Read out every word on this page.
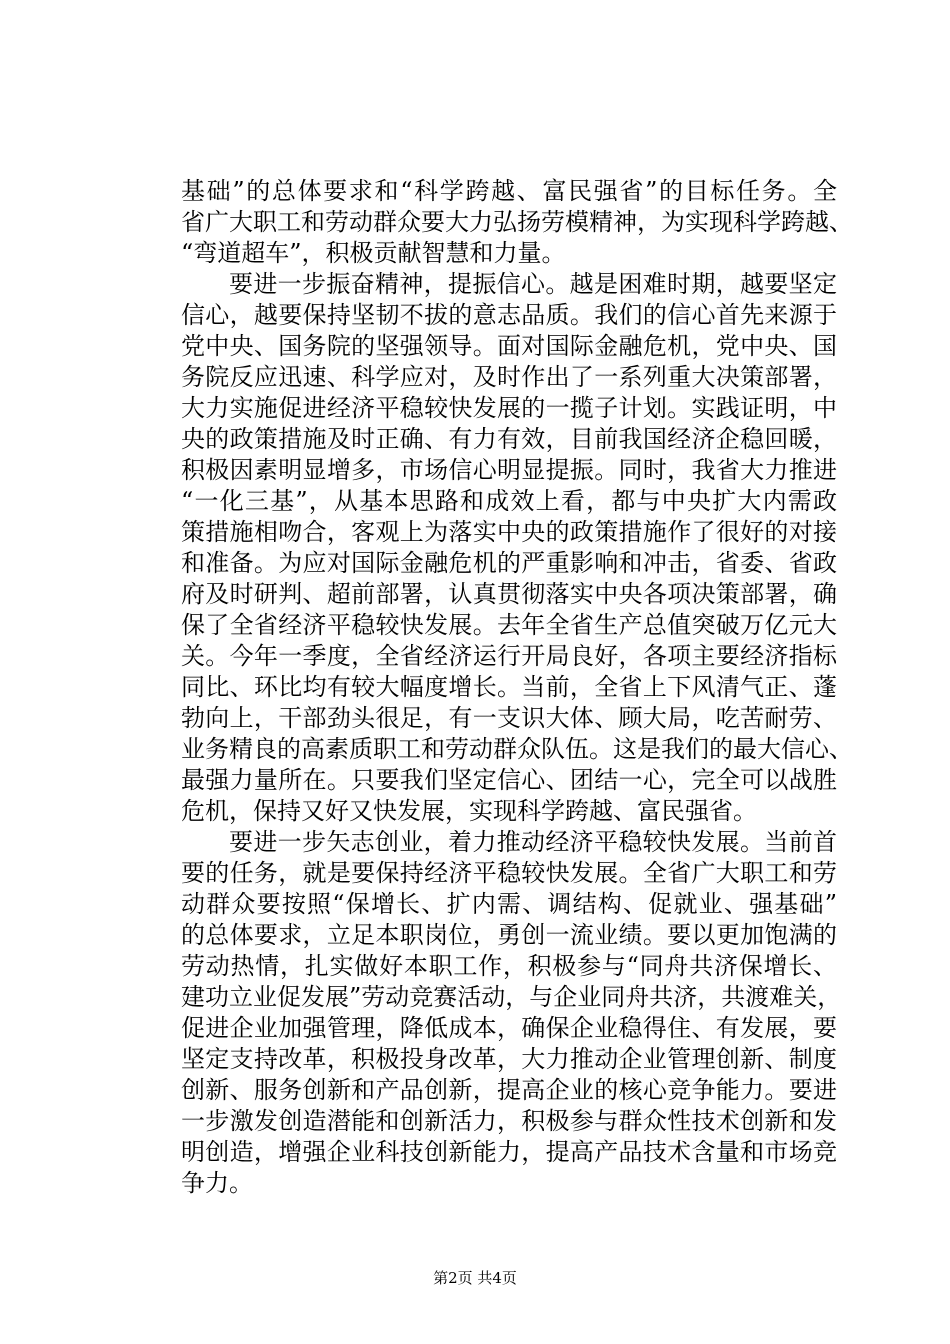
基础”的总体要求和“科学跨越、富民强省”的目标任务。全
省广大职工和劳动群众要大力弘扬劳模精神，为实现科学跨越、
“弯道超车”，积极贡献智慧和力量。
要进一步振奋精神，提振信心。越是困难时期，越要坚定
信心，越要保持坚韧不拔的意志品质。我们的信心首先来源于
党中央、国务院的坚强领导。面对国际金融危机，党中央、国
务院反应迅速、科学应对，及时作出了一系列重大决策部署，
大力实施促进经济平稳较快发展的一揽子计划。实践证明，中
央的政策措施及时正确、有力有效，目前我国经济企稳回暖，
积极因素明显增多，市场信心明显提振。同时，我省大力推进
“一化三基”，从基本思路和成效上看，都与中央扩大内需政
策措施相吻合，客观上为落实中央的政策措施作了很好的对接
和准备。为应对国际金融危机的严重影响和冲击，省委、省政
府及时研判、超前部署，认真贯彻落实中央各项决策部署，确
保了全省经济平稳较快发展。去年全省生产总值突破万亿元大
关。今年一季度，全省经济运行开局良好，各项主要经济指标
同比、环比均有较大幅度增长。当前，全省上下风清气正、蓬
勃向上，干部劲头很足，有一支识大体、顾大局，吃苦耐劳、
业务精良的高素质职工和劳动群众队伍。这是我们的最大信心、
最强力量所在。只要我们坚定信心、团结一心，完全可以战胜
危机，保持又好又快发展，实现科学跨越、富民强省。
要进一步矢志创业，着力推动经济平稳较快发展。当前首
要的任务，就是要保持经济平稳较快发展。全省广大职工和劳
动群众要按照“保增长、扩内需、调结构、促就业、强基础”
的总体要求，立足本职岗位，勇创一流业绩。要以更加饱满的
劳动热情，扎实做好本职工作，积极参与“同舟共济保增长、
建功立业促发展”劳动竞赛活动，与企业同舟共济，共渡难关，
促进企业加强管理，降低成本，确保企业稳得住、有发展，要
坚定支持改革，积极投身改革，大力推动企业管理创新、制度
创新、服务创新和产品创新，提高企业的核心竞争能力。要进
一步激发创造潜能和创新活力，积极参与群众性技术创新和发
明创造，增强企业科技创新能力，提高产品技术含量和市场竞
争力。
第2页 共4页
